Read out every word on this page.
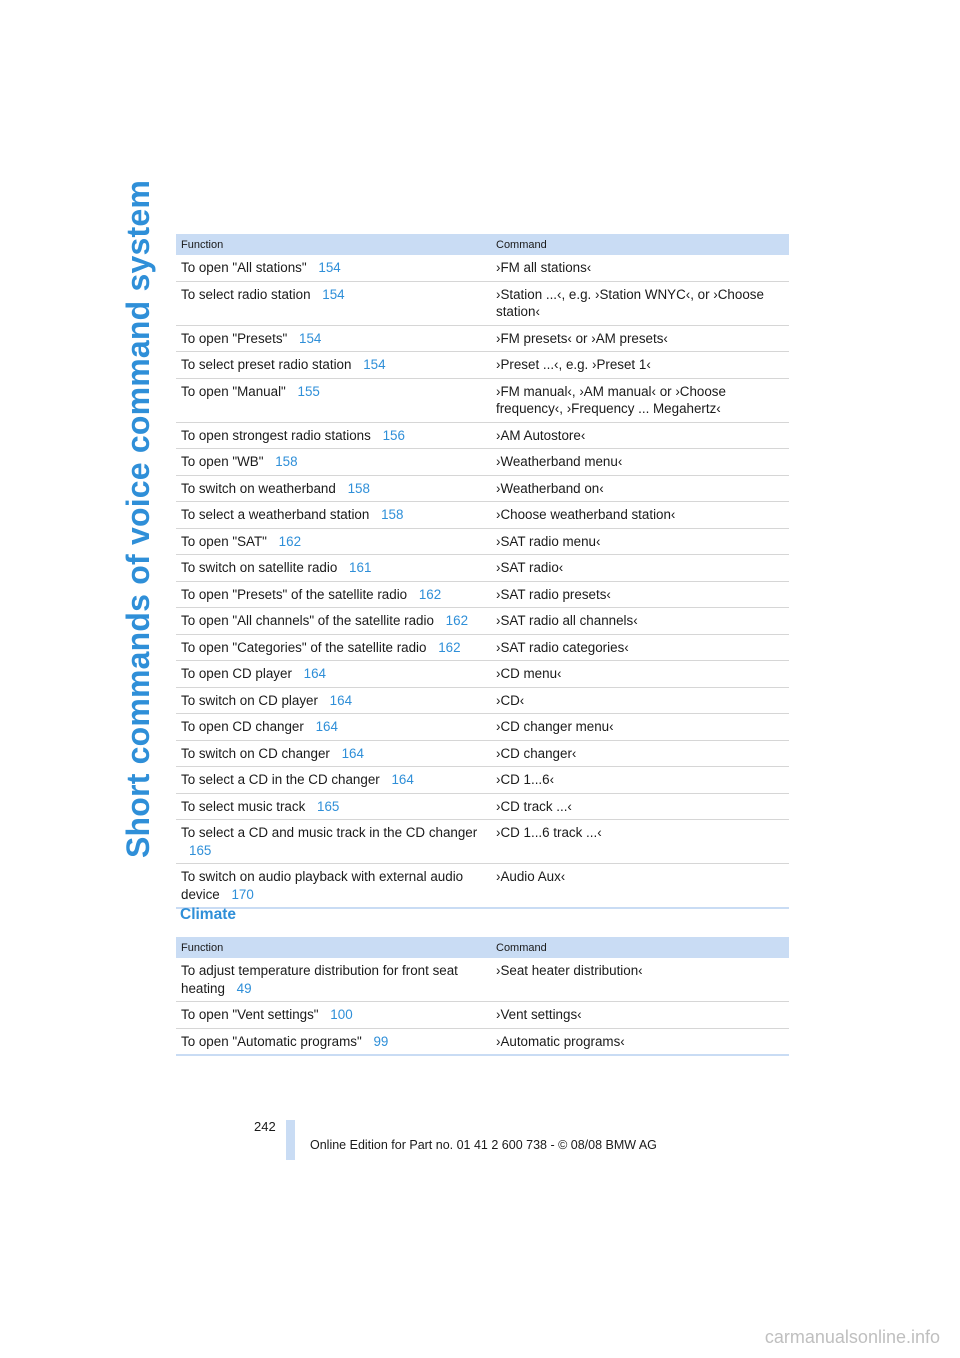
Short commands of voice command system Function	Command
To open "All stations" 154	›FM all stations‹
To select radio station 154	›Station ...‹, e.g. ›Station WNYC‹, or ›Choose station‹
To open "Presets" 154	›FM presets‹ or ›AM presets‹
To select preset radio station 154	›Preset ...‹, e.g. ›Preset 1‹
To open "Manual" 155	›FM manual‹, ›AM manual‹ or ›Choose frequency‹, ›Frequency ... Megahertz‹
To open strongest radio stations 156	›AM Autostore‹
To open "WB" 158	›Weatherband menu‹
To switch on weatherband 158	›Weatherband on‹
To select a weatherband station 158	›Choose weatherband station‹
To open "SAT" 162	›SAT radio menu‹
To switch on satellite radio 161	›SAT radio‹
To open "Presets" of the satellite radio 162	›SAT radio presets‹
To open "All channels" of the satellite radio 162	›SAT radio all channels‹
To open "Categories" of the satellite radio 162	›SAT radio categories‹
To open CD player 164	›CD menu‹
To switch on CD player 164	›CD‹
To open CD changer 164	›CD changer menu‹
To switch on CD changer 164	›CD changer‹
To select a CD in the CD changer 164	›CD 1...6‹
To select music track 165	›CD track ...‹
To select a CD and music track in the CD changer 165	›CD 1...6 track ...‹
To switch on audio playback with external audio device 170	›Audio Aux‹
Climate
Function	Command
To adjust temperature distribution for front seat heating 49	›Seat heater distribution‹
To open "Vent settings" 100	›Vent settings‹
To open "Automatic programs" 99	›Automatic programs‹
242
Online Edition for Part no. 01 41 2 600 738 - © 08/08 BMW AG
carmanualsonline.info
